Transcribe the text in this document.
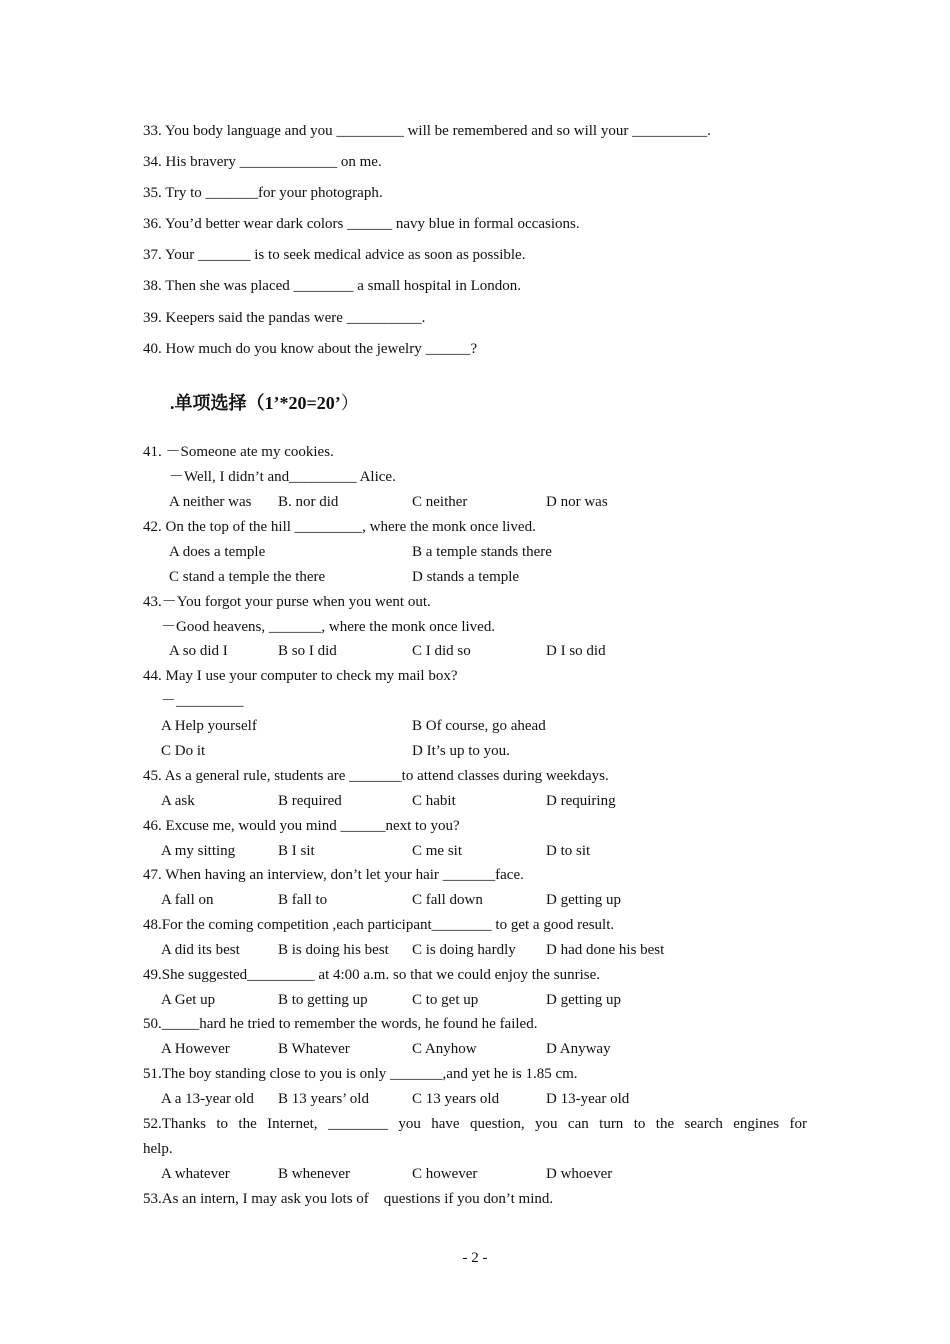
33. You body language and you _________ will be remembered and so will your __________.
34. His bravery _____________ on me.
35. Try to _______for your photograph.
36. You’d better wear dark colors ______ navy blue in formal occasions.
37. Your _______ is to seek medical advice as soon as possible.
38. Then she was placed ________ a small hospital in London.
39. Keepers said the pandas were __________.
40. How much do you know about the jewelry ______?
.单项选择（1’*20=20’）
41. －Someone ate my cookies.
－Well, I didn’t and_________ Alice.
A neither was B. nor did	C neither	D nor was
42. On the top of the hill _________, where the monk once lived.
A does a temple	B a temple stands there
C stand a temple the there	D stands a temple
43.－You forgot your purse when you went out.
－Good heavens, _______, where the monk once lived.
A so did I	B so I did	C I did so	D I so did
44. May I use your computer to check my mail box?
－_________
A Help yourself	B Of course, go ahead
C Do it	D It’s up to you.
45. As a general rule, students are _______to attend classes during weekdays.
A ask	B required	C habit	D requiring
46. Excuse me, would you mind ______next to you?
A my sitting	B I sit	C me sit	D to sit
47. When having an interview, don’t let your hair _______face.
A fall on	B fall to	C fall down	D getting up
48.For the coming competition ,each participant________ to get a good result.
A did its best	B is doing his best C is doing hardly D had done his best
49.She suggested_________ at 4:00 a.m. so that we could enjoy the sunrise.
A Get up	B to getting up	C to get up	D getting up
50._____hard he tried to remember the words, he found he failed.
A However	B Whatever	C Anyhow	D Anyway
51.The boy standing close to you is only _______,and yet he is 1.85 cm.
A a 13-year old B 13 years’ old	C 13 years old	D 13-year old
52.Thanks to the Internet, ________ you have question, you can turn to the search engines for
help.
A whatever	B whenever	C however	D whoever
53.As an intern, I may ask you lots of    questions if you don’t mind.
- 2 -
